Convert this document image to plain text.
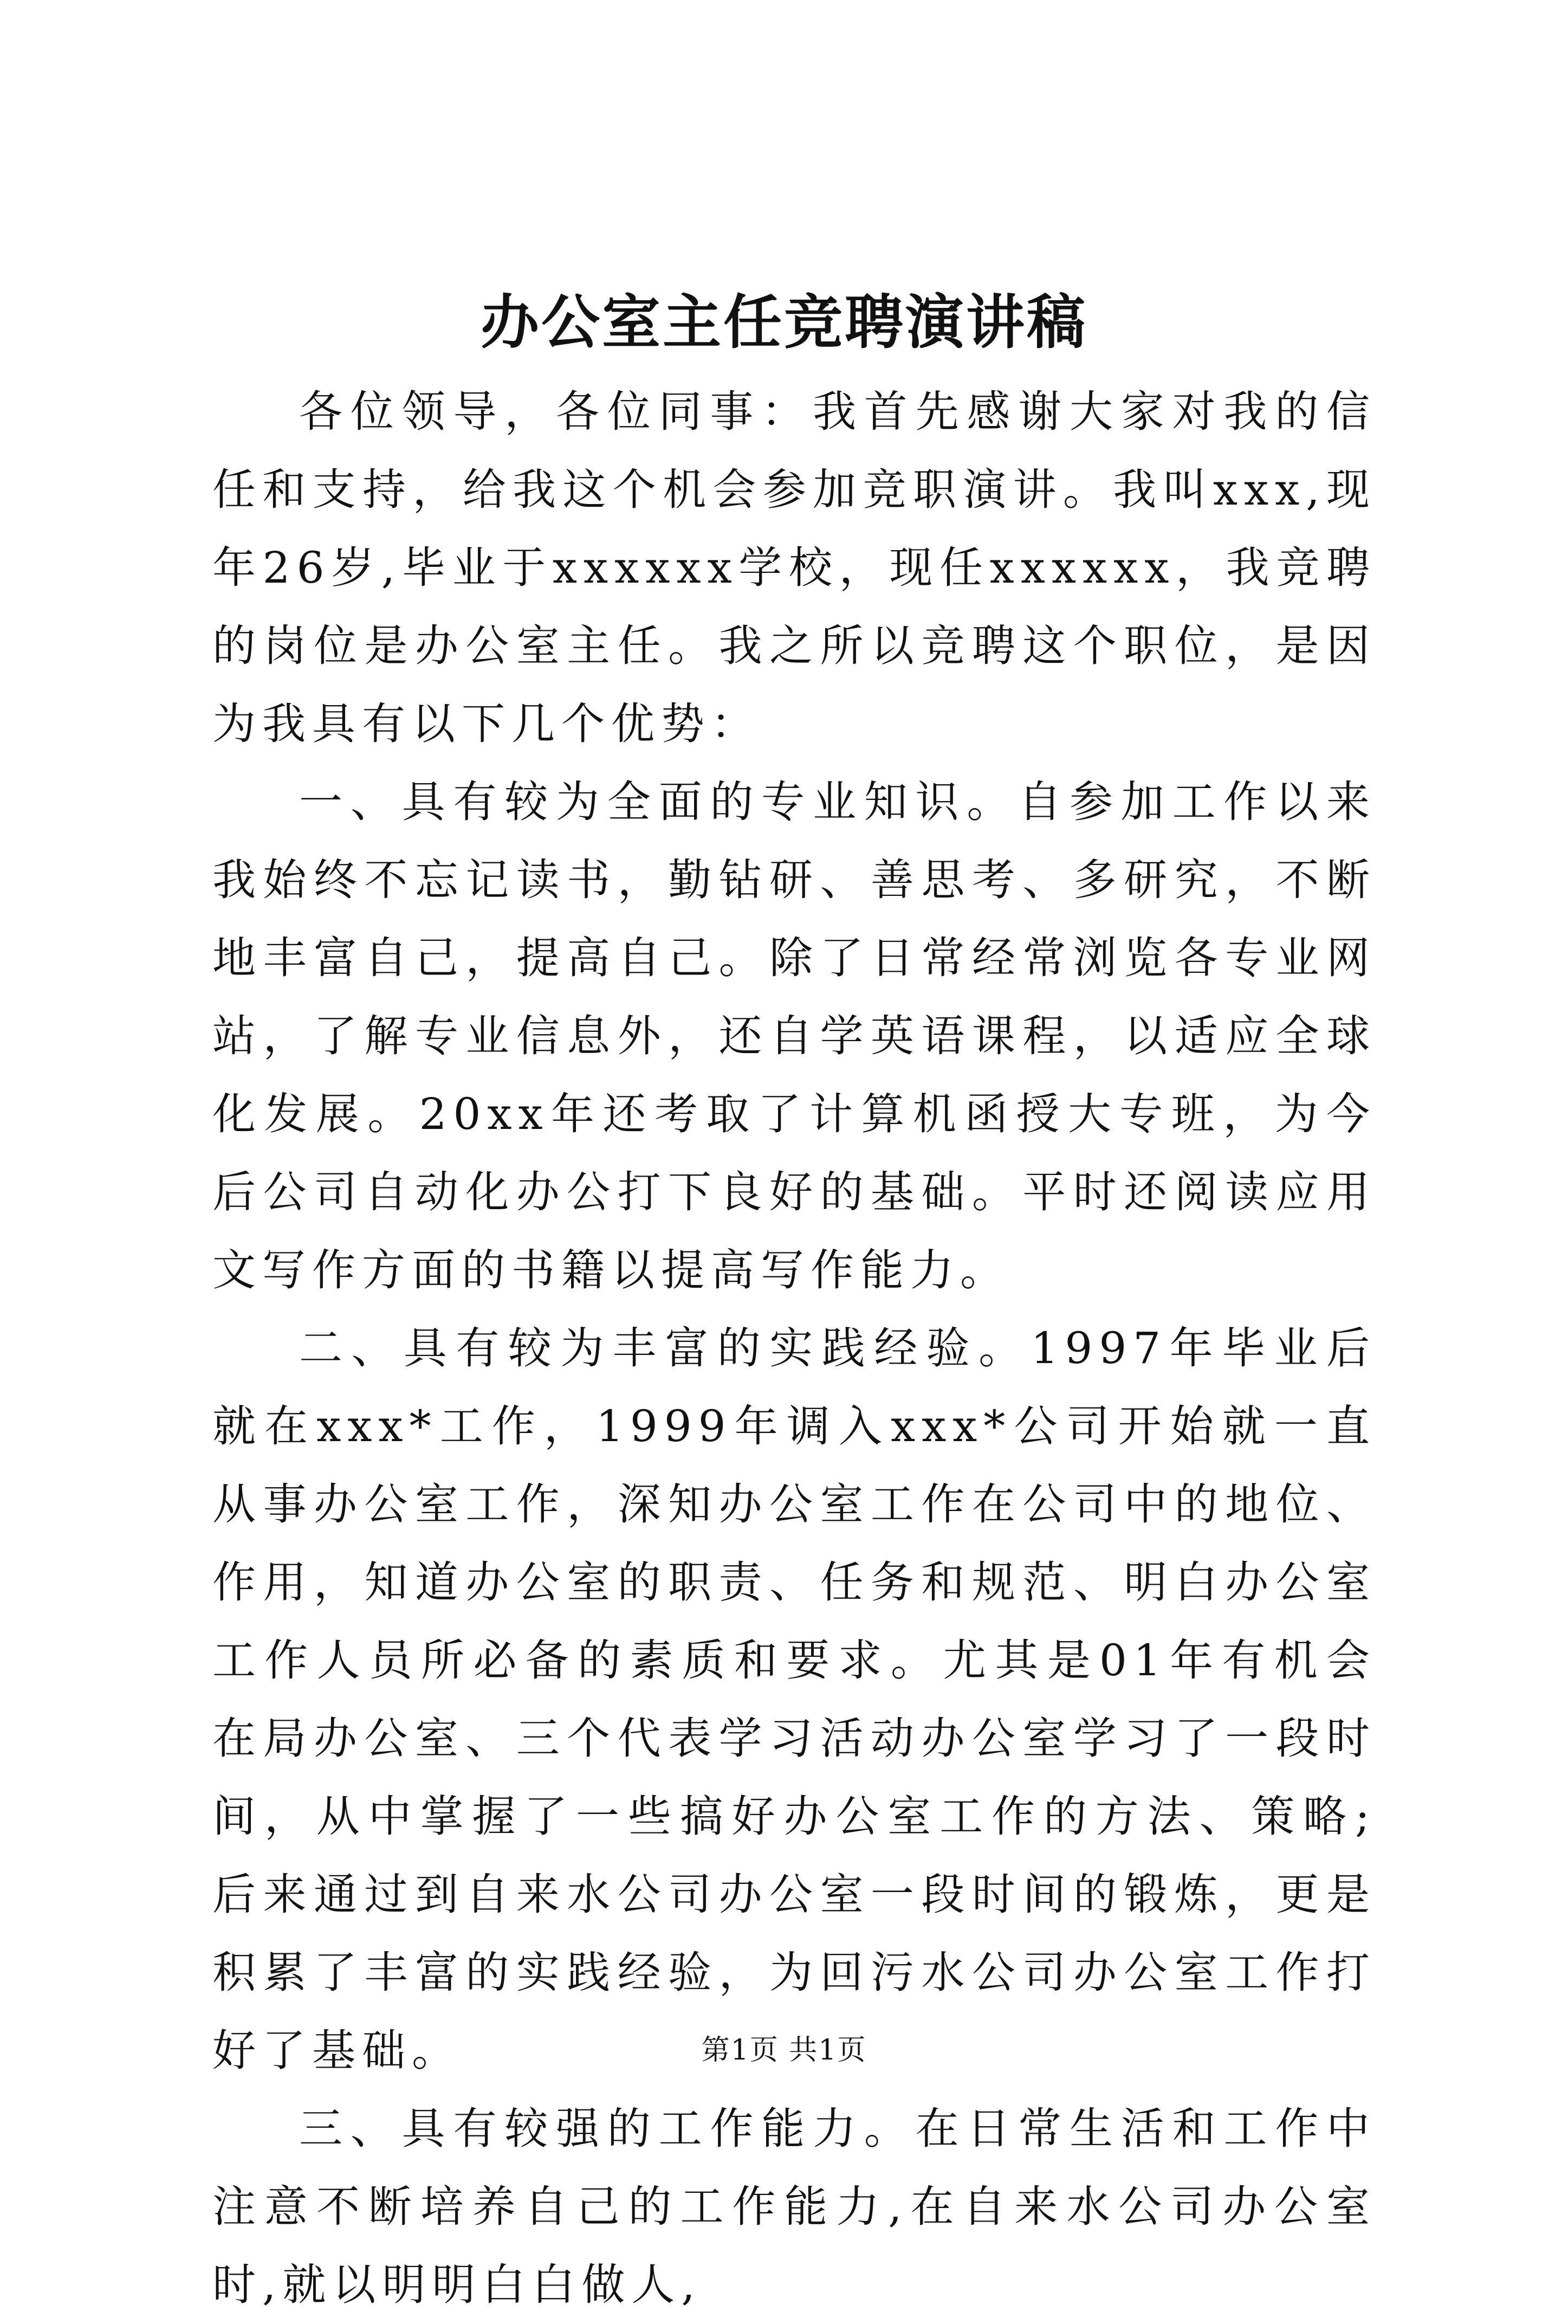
办公室主任竞聘演讲稿

各位领导，各位同事：我首先感谢大家对我的信任和支持，给我这个机会参加竞职演讲。我叫xxx,现年26岁,毕业于xxxxxx学校，现任xxxxxx，我竞聘的岗位是办公室主任。我之所以竞聘这个职位，是因为我具有以下几个优势：

一、具有较为全面的专业知识。自参加工作以来我始终不忘记读书，勤钻研、善思考、多研究，不断地丰富自己，提高自己。除了日常经常浏览各专业网站，了解专业信息外，还自学英语课程，以适应全球化发展。20xx年还考取了计算机函授大专班，为今后公司自动化办公打下良好的基础。平时还阅读应用文写作方面的书籍以提高写作能力。

二、具有较为丰富的实践经验。1997年毕业后就在xxx*工作，1999年调入xxx*公司开始就一直从事办公室工作，深知办公室工作在公司中的地位、作用，知道办公室的职责、任务和规范、明白办公室工作人员所必备的素质和要求。尤其是01年有机会在局办公室、三个代表学习活动办公室学习了一段时间，从中掌握了一些搞好办公室工作的方法、策略;后来通过到自来水公司办公室一段时间的锻炼，更是积累了丰富的实践经验，为回污水公司办公室工作打好了基础。

三、具有较强的工作能力。在日常生活和工作中注意不断培养自己的工作能力,在自来水公司办公室时,就以明明白白做人,

第1页 共1页
